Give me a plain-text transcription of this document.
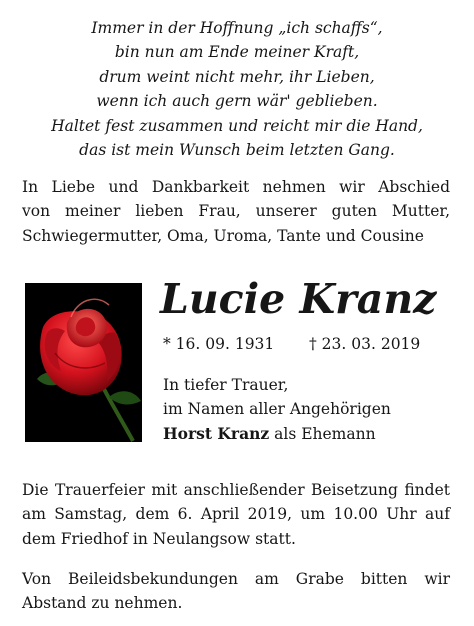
Immer in der Hoffnung „ich schaffs“,
bin nun am Ende meiner Kraft,
drum weint nicht mehr, ihr Lieben,
wenn ich auch gern wär' geblieben.
Haltet fest zusammen und reicht mir die Hand,
das ist mein Wunsch beim letzten Gang.
In Liebe und Dankbarkeit nehmen wir Abschied
von meiner lieben Frau, unserer guten Mutter,
Schwiegermutter, Oma, Uroma, Tante und Cousine
Lucie Kranz
* 16. 09. 1931 † 23. 03. 2019
In tiefer Trauer,
im Namen aller Angehörigen
Horst Kranz als Ehemann
Die Trauerfeier mit anschließender Beisetzung findet
am Samstag, dem 6. April 2019, um 10.00 Uhr auf
dem Friedhof in Neulangsow statt.
Von Beileidsbekundungen am Grabe bitten wir
Abstand zu nehmen.
